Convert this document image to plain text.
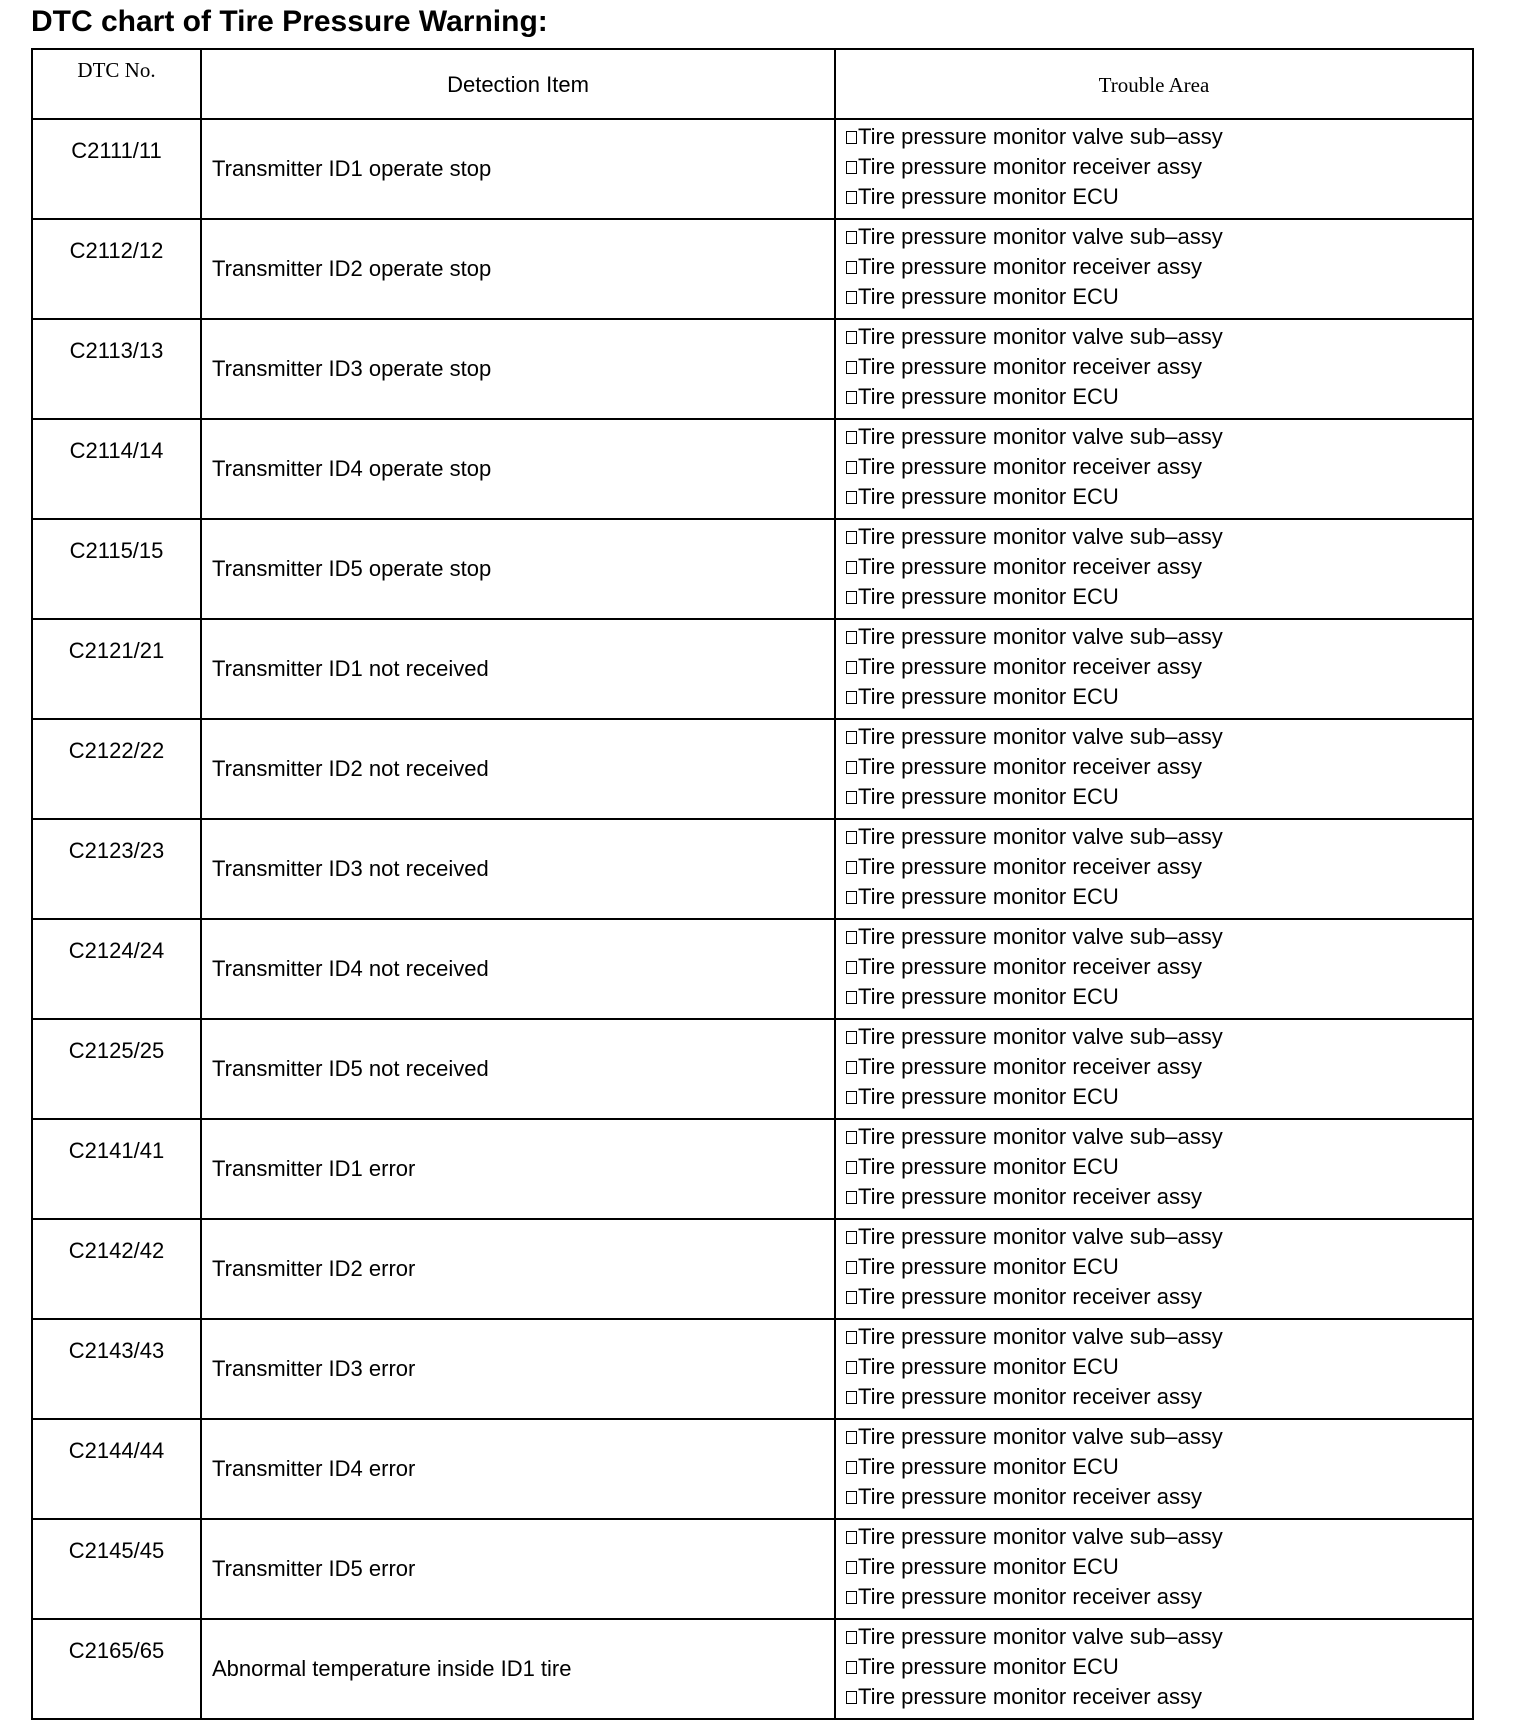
DTC chart of Tire Pressure Warning:
DTC No.	Detection Item	Trouble Area
C2111/11	Transmitter ID1 operate stop	Tire pressure monitor valve sub–assy
Tire pressure monitor receiver assy
Tire pressure monitor ECU

C2112/12	Transmitter ID2 operate stop	Tire pressure monitor valve sub–assy
Tire pressure monitor receiver assy
Tire pressure monitor ECU

C2113/13	Transmitter ID3 operate stop	Tire pressure monitor valve sub–assy
Tire pressure monitor receiver assy
Tire pressure monitor ECU

C2114/14	Transmitter ID4 operate stop	Tire pressure monitor valve sub–assy
Tire pressure monitor receiver assy
Tire pressure monitor ECU

C2115/15	Transmitter ID5 operate stop	Tire pressure monitor valve sub–assy
Tire pressure monitor receiver assy
Tire pressure monitor ECU

C2121/21	Transmitter ID1 not received	Tire pressure monitor valve sub–assy
Tire pressure monitor receiver assy
Tire pressure monitor ECU

C2122/22	Transmitter ID2 not received	Tire pressure monitor valve sub–assy
Tire pressure monitor receiver assy
Tire pressure monitor ECU

C2123/23	Transmitter ID3 not received	Tire pressure monitor valve sub–assy
Tire pressure monitor receiver assy
Tire pressure monitor ECU

C2124/24	Transmitter ID4 not received	Tire pressure monitor valve sub–assy
Tire pressure monitor receiver assy
Tire pressure monitor ECU

C2125/25	Transmitter ID5 not received	Tire pressure monitor valve sub–assy
Tire pressure monitor receiver assy
Tire pressure monitor ECU

C2141/41	Transmitter ID1 error	Tire pressure monitor valve sub–assy
Tire pressure monitor ECU
Tire pressure monitor receiver assy

C2142/42	Transmitter ID2 error	Tire pressure monitor valve sub–assy
Tire pressure monitor ECU
Tire pressure monitor receiver assy

C2143/43	Transmitter ID3 error	Tire pressure monitor valve sub–assy
Tire pressure monitor ECU
Tire pressure monitor receiver assy

C2144/44	Transmitter ID4 error	Tire pressure monitor valve sub–assy
Tire pressure monitor ECU
Tire pressure monitor receiver assy

C2145/45	Transmitter ID5 error	Tire pressure monitor valve sub–assy
Tire pressure monitor ECU
Tire pressure monitor receiver assy

C2165/65	Abnormal temperature inside ID1 tire	Tire pressure monitor valve sub–assy
Tire pressure monitor ECU
Tire pressure monitor receiver assy
